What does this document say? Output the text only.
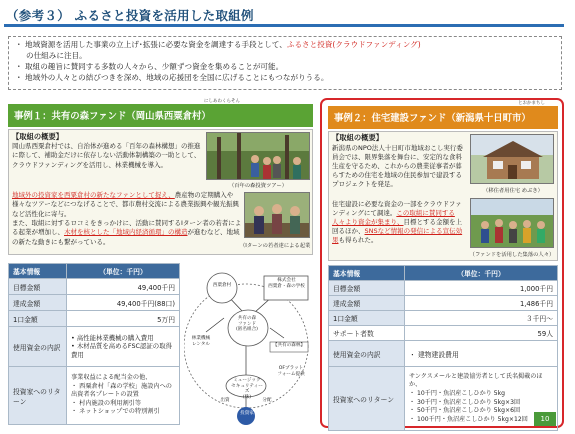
（参考３） ふるさと投資を活用した取組例
・ 地域資源を活用した事業の立上げ･拡張に必要な資金を調達する手段として、ふるさと投資(クラウドファンディング)
の仕組みに注目。
・ 取組の趣旨に賛同する多数の人々から、少額ずつ資金を集めることが可能。
・ 地域外の人々との結びつきを深め、地域の応援団を全国に広げることにもつながりうる。
にしあわくらそん
事例１：共有の森ファンド（岡山県西粟倉村）
【取組の概要】
岡山県西粟倉村では、自治体が進める「百年の森林構想」の推進に際して、補助金だけに依存しない活動体制構築の一助として、クラウドファンディングを活用し、林業機械を導入。
地域外の投資家を西粟倉村の新たなファンとして捉え、農産物の定期購入や様々なツアーなどにつなげることで、都市農村交流による農業振興や観光振興など活性化に寄与。
また、取組に対するロコミをきっかけに、活動に賛同するIターン者の若者による起業が増加し、木材を核とした「地域内経済循環」の構造が進むなど、地域の新たな動きにも繋がっている。
（百年の森投資ツアー）
（Iターンの若者達による起業
基本情報	（単位：千円）
目標金額	49,400千円
達成金額	49,400千円(88口)
1口金額	5万円
使用資金の内訳	• 高性能林業機械の購入費用
• 木材品質を高めるFSC認証の取得費用

投資家へのリターン	事業収益による配当金の他、
・ 西粟倉村「森の学校」施設内への出資者名プレートの設置
・ 村内施設の利用割引等
・ ネットショップでの特別割引
西粟倉村
株式会社
西粟倉・森の学校
共有の森
ファンド
(匿名組合)
林業機械
レンタル	【共有の森林】
OFプラット
フォーム提供
ミュージック
セキュリティーズ
(株)
投資家
出資	分配
とおかまちし
事例２：住宅建設ファンド（新潟県十日町市）
【取組の概要】
新潟県のNPO法人十日町市地域おこし実行委員会では、限界集落を舞台に、安定的な食料生産を守るため、これからの農業従事者が暮らすための住宅を地域の住民参加で建設するプロジェクトを発足。
住宅建設に必要な資金の一部をクラウドファンディングにて調達。この取組に賛同する人々より資金が集まり、目標とする金額を上回るほか、SNSなど情報の発信による宣伝効果も得られた。
（移住者用住宅 めぶき）
（ファンドを活用した集落の人々）
基本情報	（単位：千円）
目標金額	1,000千円
達成金額	1,486千円
1口金額	３千円～
サポート者数	59人
使用資金の内訳	・ 建物建設費用
投資家へのリターン	サンクスメールと建設協労者として氏名掲載のほか、
・ 10千円・魚沼産こしひかり 5kg
・ 30千円・魚沼産こしひかり 5kg×3回
・ 50千円・魚沼産こしひかり 5kg×6回
・ 100千円・魚沼産こしひかり 5kg×12回	10
